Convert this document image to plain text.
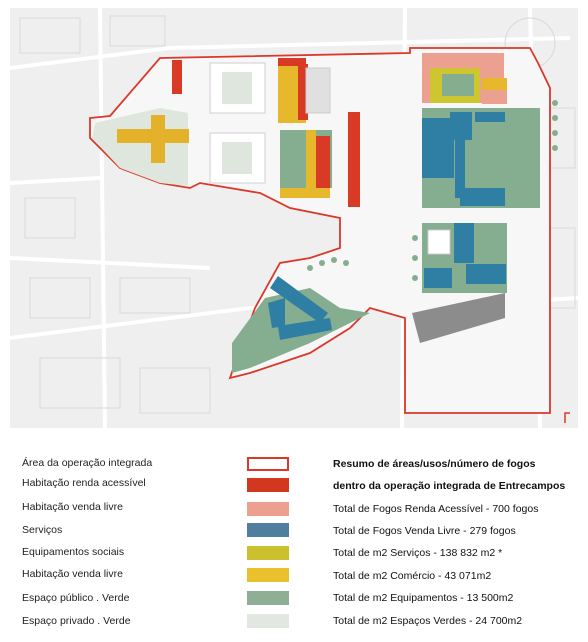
Área da operação integrada
Habitação renda acessível
Habitação venda livre
Serviços
Equipamentos sociais
Habitação venda livre
Espaço público . Verde
Espaço privado . Verde
Resumo de áreas/usos/número de fogos
dentro da operação integrada de Entrecampos
Total de Fogos Renda Acessível - 700 fogos
Total de Fogos Venda Livre - 279 fogos
Total de m2 Serviços - 138 832 m2 *
Total de m2 Comércio - 43 071m2
Total de m2 Equipamentos - 13 500m2
Total de m2 Espaços Verdes - 24 700m2
